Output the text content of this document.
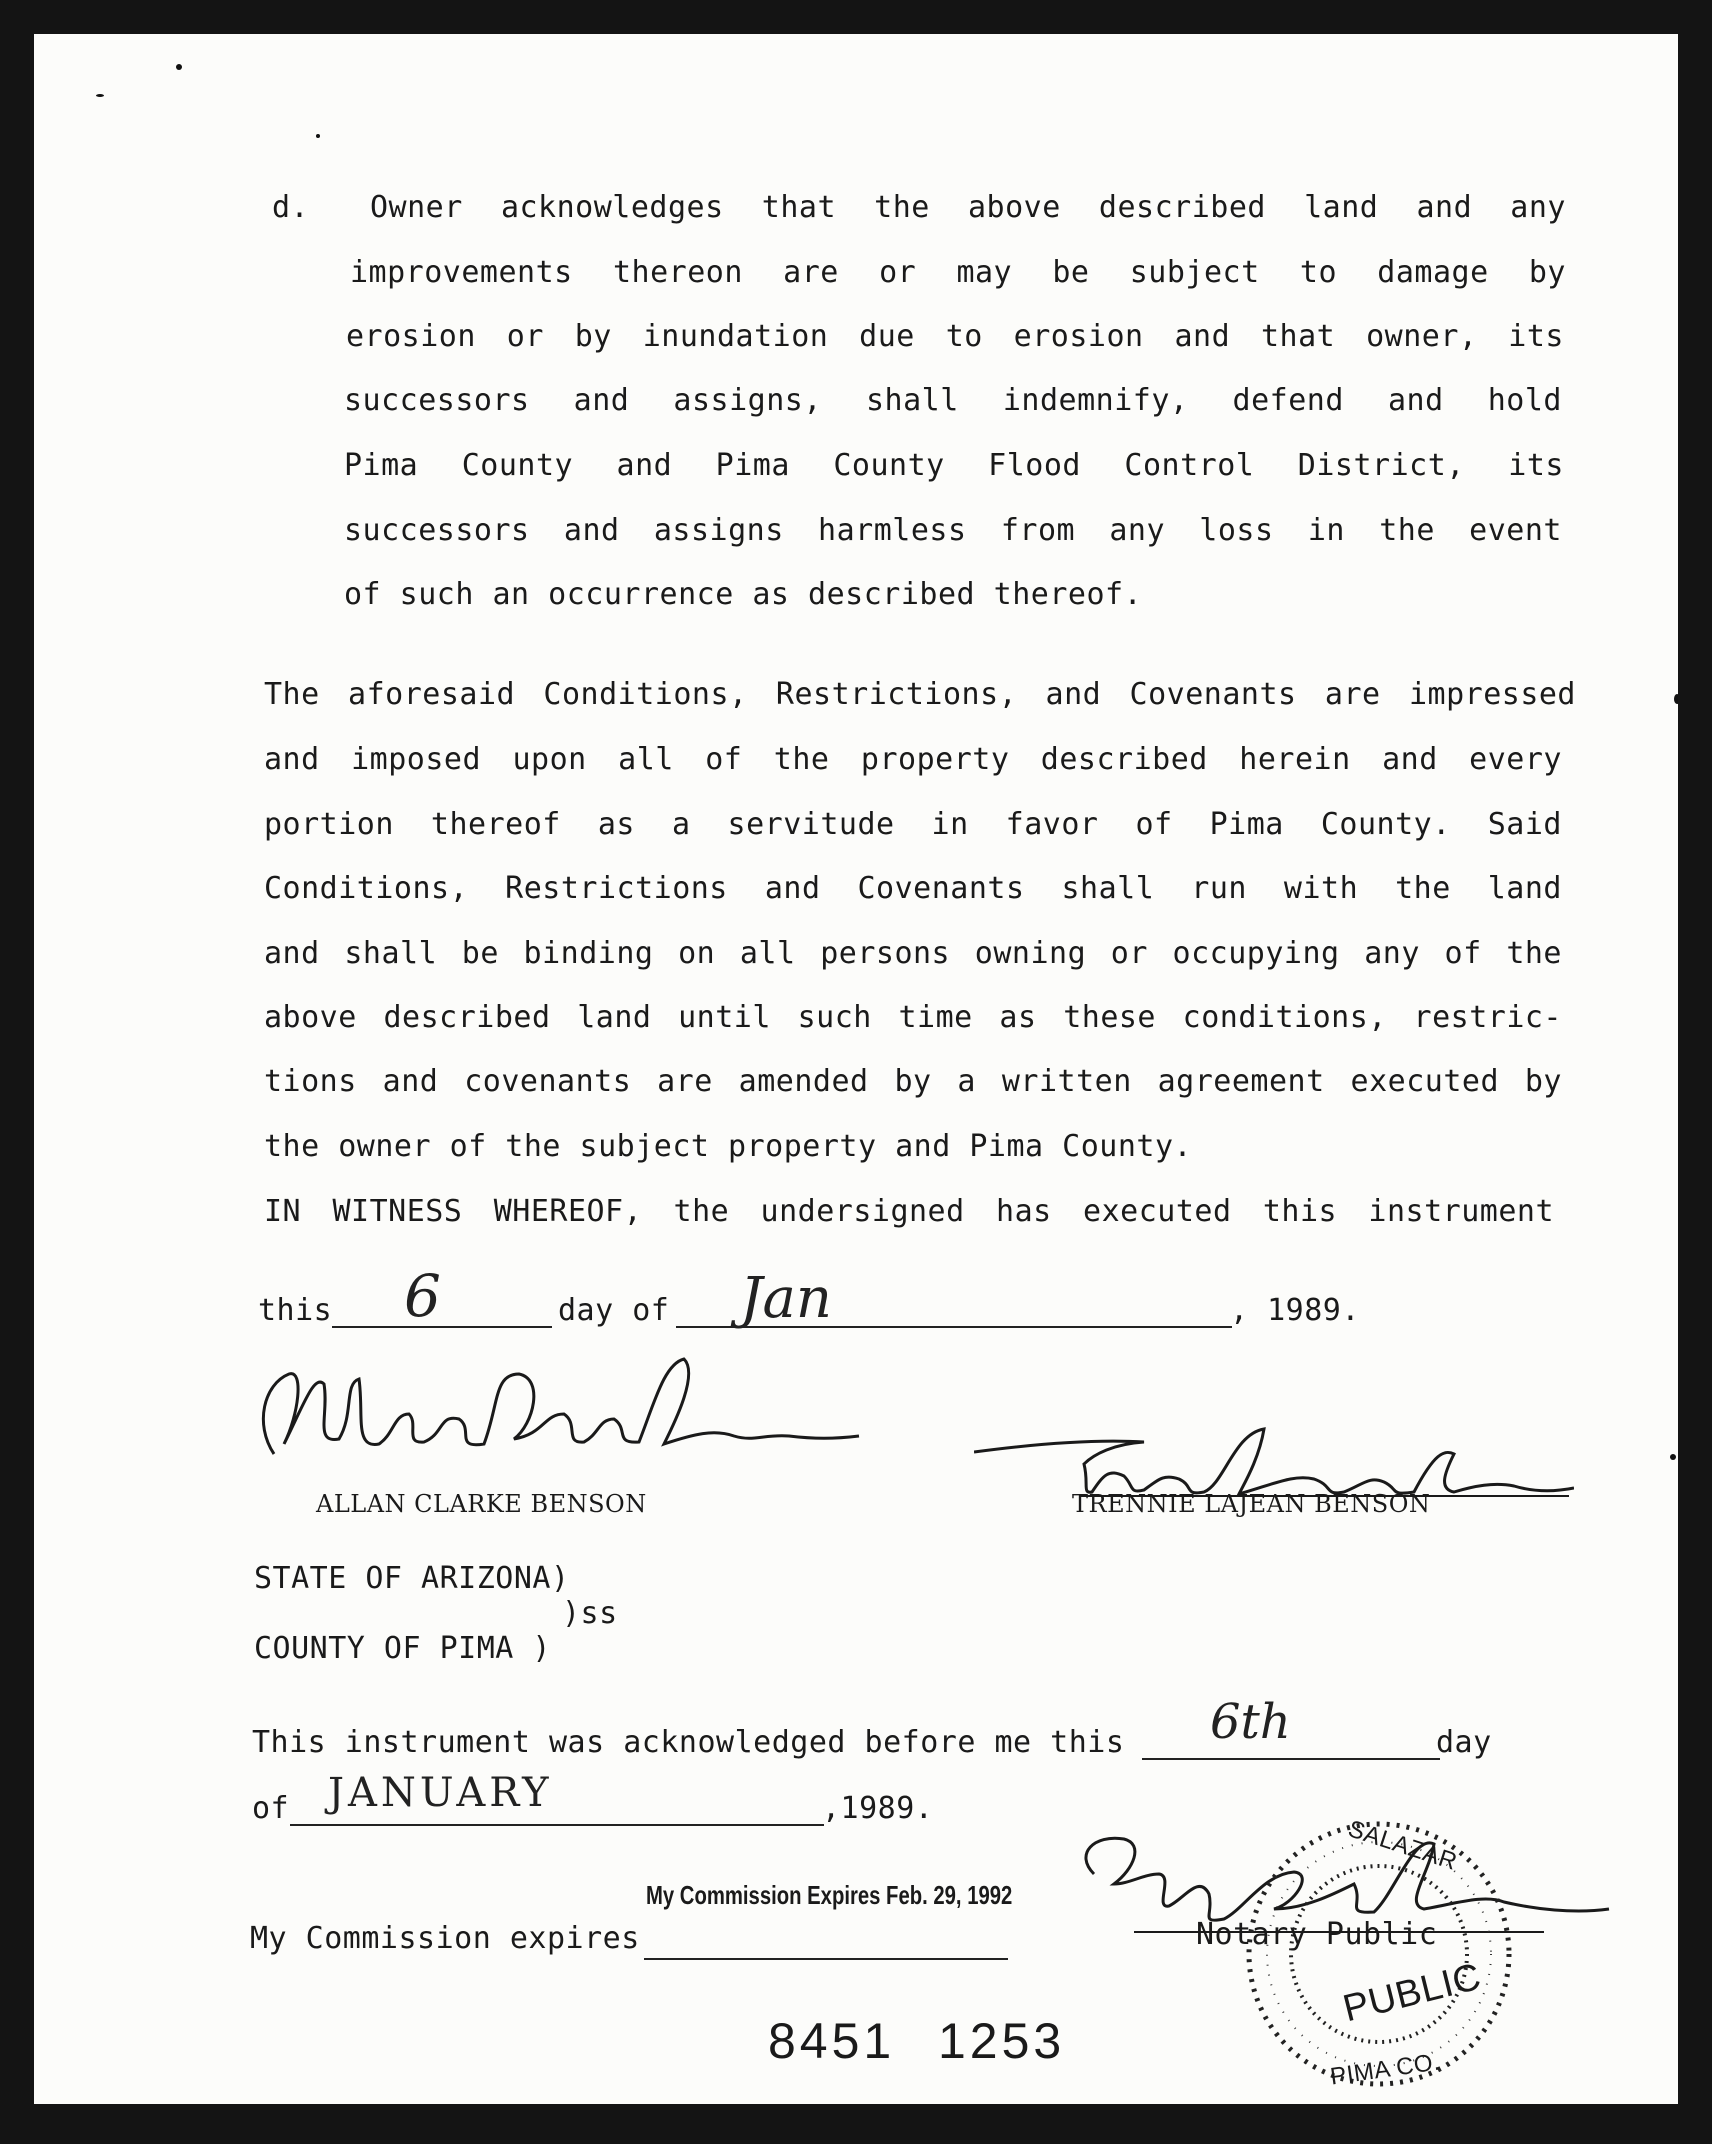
d. Owner acknowledges that the above described land and any
improvements thereon are or may be subject to damage by
erosion or by inundation due to erosion and that owner, its
successors and assigns, shall indemnify, defend and hold
Pima County and Pima County Flood Control District, its
successors and assigns harmless from any loss in the event
of such an occurrence as described thereof.
The aforesaid Conditions, Restrictions, and Covenants are impressed
and imposed upon all of the property described herein and every
portion thereof as a servitude in favor of Pima County. Said
Conditions, Restrictions and Covenants shall run with the land
and shall be binding on all persons owning or occupying any of the
above described land until such time as these conditions, restric-
tions and covenants are amended by a written agreement executed by
the owner of the subject property and Pima County.
IN WITNESS WHEREOF, the undersigned has executed this instrument
this 6	day of Jan	, 1989.
ALLAN CLARKE BENSON	TRENNIE LAJEAN BENSON
STATE OF ARIZONA)
)ss
COUNTY OF PIMA )
This instrument was acknowledged before me this 6th	day
of JANUARY	,1989.
My Commission Expires Feb. 29, 1992
My Commission expires
SALAZAR
PUBLIC
PIMA CO.
Notary Public
8451 1253
